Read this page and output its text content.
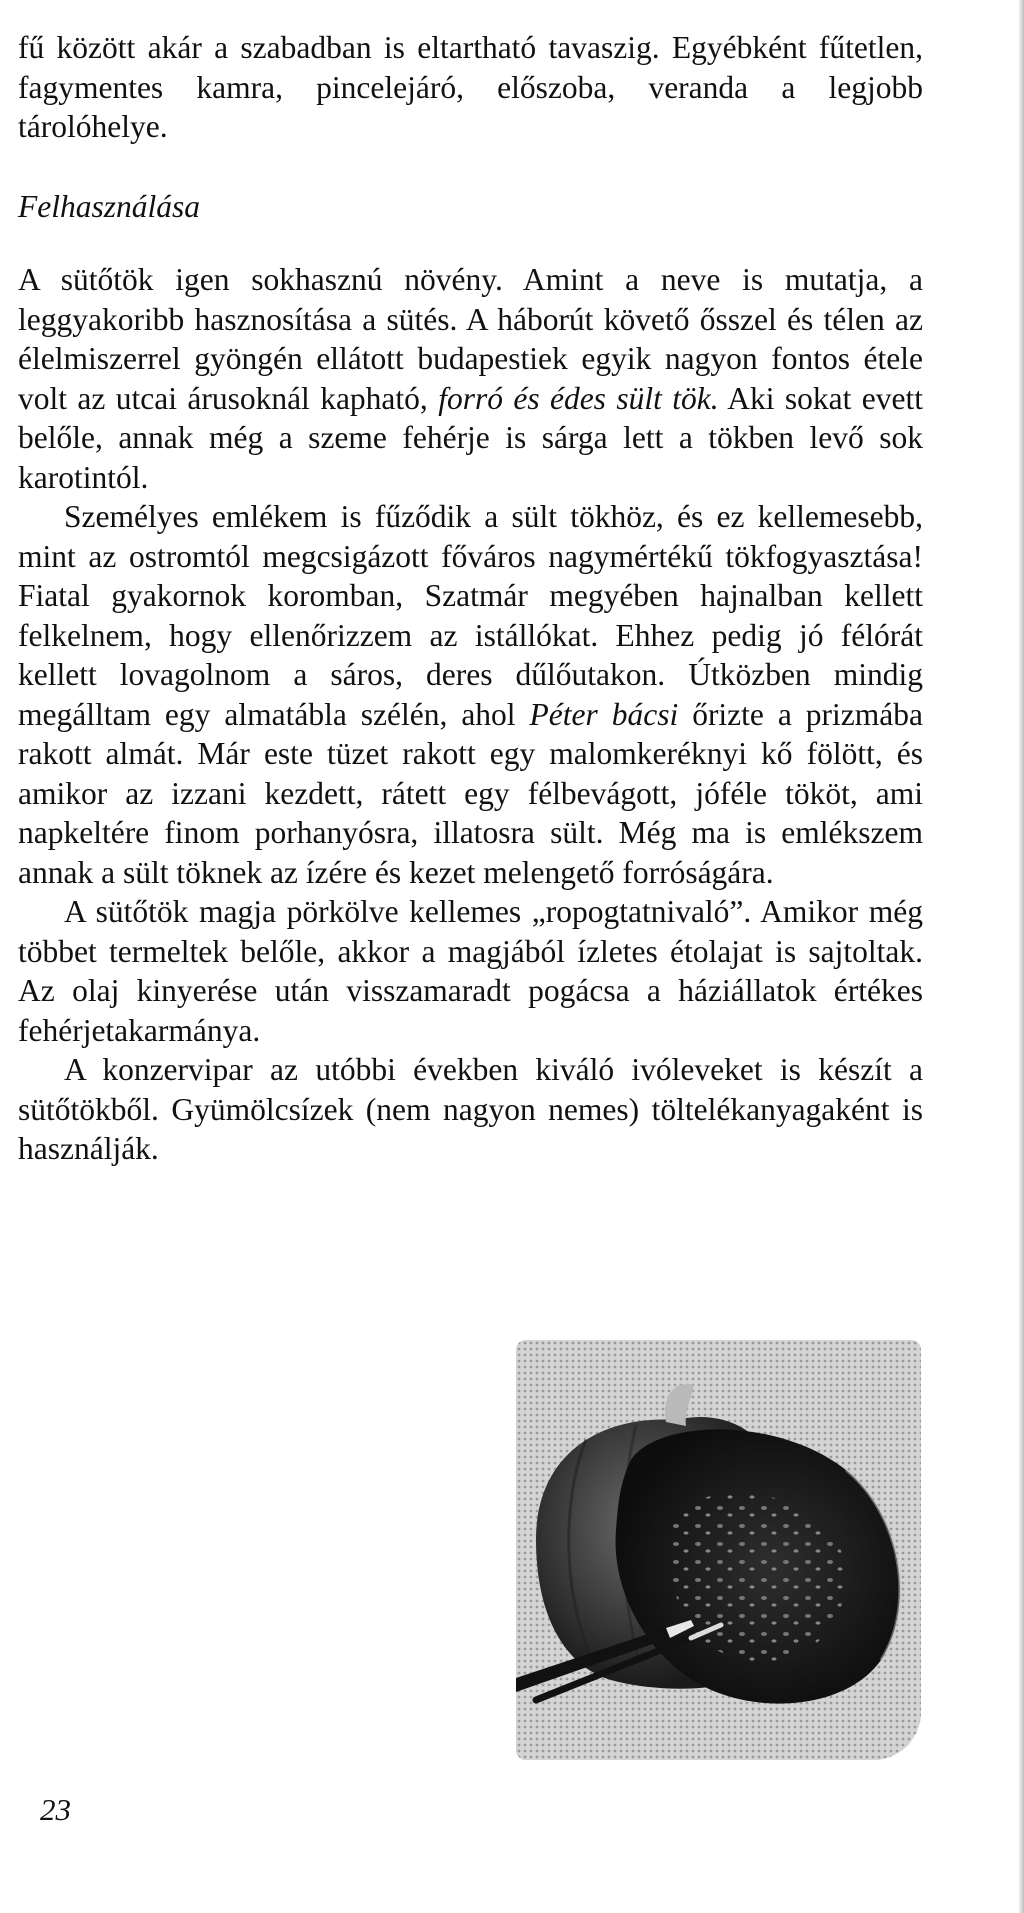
fű között akár a szabadban is eltartható tavaszig. Egyébként fűtetlen, fagymentes kamra, pincelejáró, előszoba, veranda a legjobb tárolóhelye.

Felhasználása

A sütőtök igen sokhasznú növény. Amint a neve is mutatja, a leggyakoribb hasznosítása a sütés. A háborút követő ősszel és télen az élelmiszerrel gyöngén ellátott budapestiek egyik nagyon fontos étele volt az utcai árusoknál kapható, forró és édes sült tök. Aki sokat evett belőle, annak még a szeme fehérje is sárga lett a tökben levő sok karotintól.

Személyes emlékem is fűződik a sült tökhöz, és ez kellemesebb, mint az ostromtól megcsigázott főváros nagymértékű tökfogyasztása! Fiatal gyakornok koromban, Szatmár megyében hajnalban kellett felkelnem, hogy ellenőrizzem az istállókat. Ehhez pedig jó félórát kellett lovagolnom a sáros, deres dűlőutakon. Útközben mindig megálltam egy almatábla szélén, ahol Péter bácsi őrizte a prizmába rakott almát. Már este tüzet rakott egy malomkeréknyi kő fölött, és amikor az izzani kezdett, rátett egy félbevágott, jóféle tököt, ami napkeltére finom porhanyósra, illatosra sült. Még ma is emlékszem annak a sült töknek az ízére és kezet melengető forróságára.

A sütőtök magja pörkölve kellemes „ropogtatnivaló”. Amikor még többet termeltek belőle, akkor a magjából ízletes étolajat is sajtoltak. Az olaj kinyerése után visszamaradt pogácsa a háziállatok értékes fehérjetakarmánya.

A konzervipar az utóbbi években kiváló ivóleveket is készít a sütőtökből. Gyümölcsízek (nem nagyon nemes) töltelékanyagaként is használják.

23
